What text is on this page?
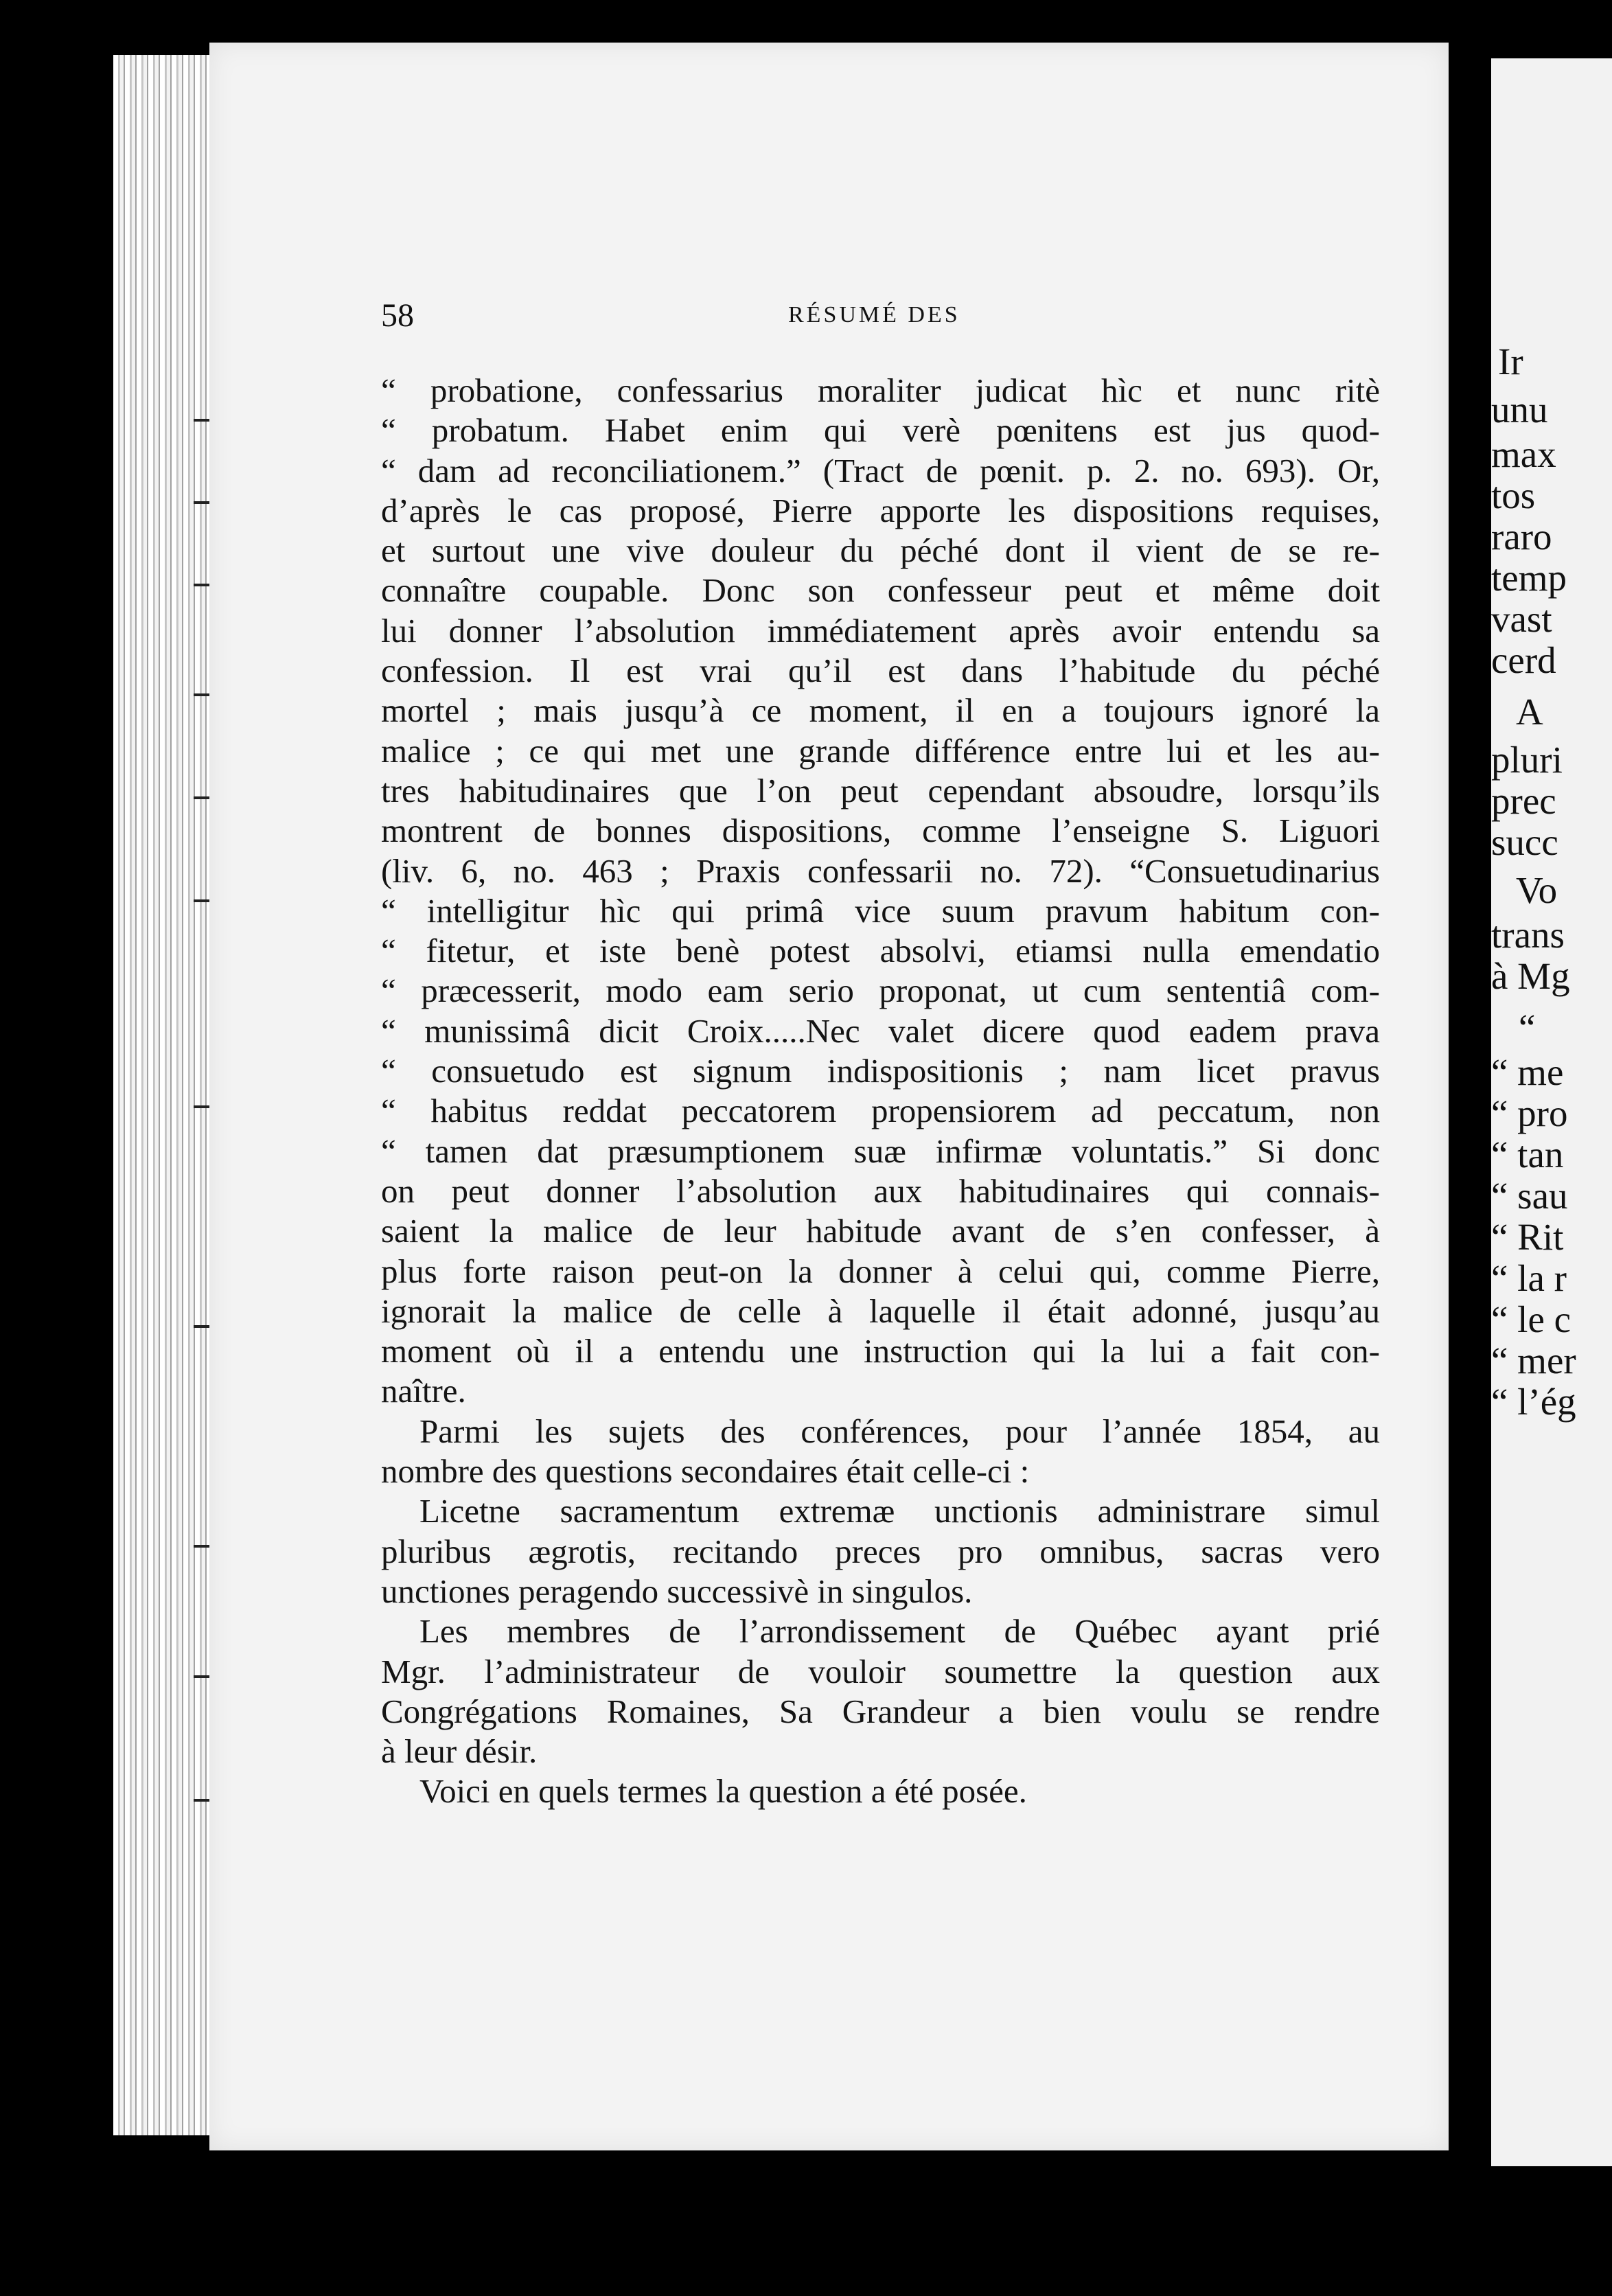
Ir
unu
max
tos
raro
temp
vast
cerd
A
pluri
prec
succ
Vo
trans
à Mg
“
“ me
“ pro
“ tan
“ sau
“ Rit
“ la r
“ le c
“ mer
“ l’ég
58	RÉSUMÉ DES
“ probatione, confessarius moraliter judicat hìc et nunc ritè
“ probatum. Habet enim qui verè pœnitens est jus quod-
“ dam ad reconciliationem.” (Tract de pœnit. p. 2. no. 693). Or,
d’après le cas proposé, Pierre apporte les dispositions requises,
et surtout une vive douleur du péché dont il vient de se re-
connaître coupable. Donc son confesseur peut et même doit
lui donner l’absolution immédiatement après avoir entendu sa
confession. Il est vrai qu’il est dans l’habitude du péché
mortel ; mais jusqu’à ce moment, il en a toujours ignoré la
malice ; ce qui met une grande différence entre lui et les au-
tres habitudinaires que l’on peut cependant absoudre, lorsqu’ils
montrent de bonnes dispositions, comme l’enseigne S. Liguori
(liv. 6, no. 463 ; Praxis confessarii no. 72). “Consuetudinarius
“ intelligitur hìc qui primâ vice suum pravum habitum con-
“ fitetur, et iste benè potest absolvi, etiamsi nulla emendatio
“ præcesserit, modo eam serio proponat, ut cum sententiâ com-
“ munissimâ dicit Croix.....Nec valet dicere quod eadem prava
“ consuetudo est signum indispositionis ; nam licet pravus
“ habitus reddat peccatorem propensiorem ad peccatum, non
“ tamen dat præsumptionem suæ infirmæ voluntatis.” Si donc
on peut donner l’absolution aux habitudinaires qui connais-
saient la malice de leur habitude avant de s’en confesser, à
plus forte raison peut-on la donner à celui qui, comme Pierre,
ignorait la malice de celle à laquelle il était adonné, jusqu’au
moment où il a entendu une instruction qui la lui a fait con-
naître.
Parmi les sujets des conférences, pour l’année 1854, au
nombre des questions secondaires était celle-ci :
Licetne sacramentum extremæ unctionis administrare simul
pluribus ægrotis, recitando preces pro omnibus, sacras vero
unctiones peragendo successivè in singulos.
Les membres de l’arrondissement de Québec ayant prié
Mgr. l’administrateur de vouloir soumettre la question aux
Congrégations Romaines, Sa Grandeur a bien voulu se rendre
à leur désir.
Voici en quels termes la question a été posée.
